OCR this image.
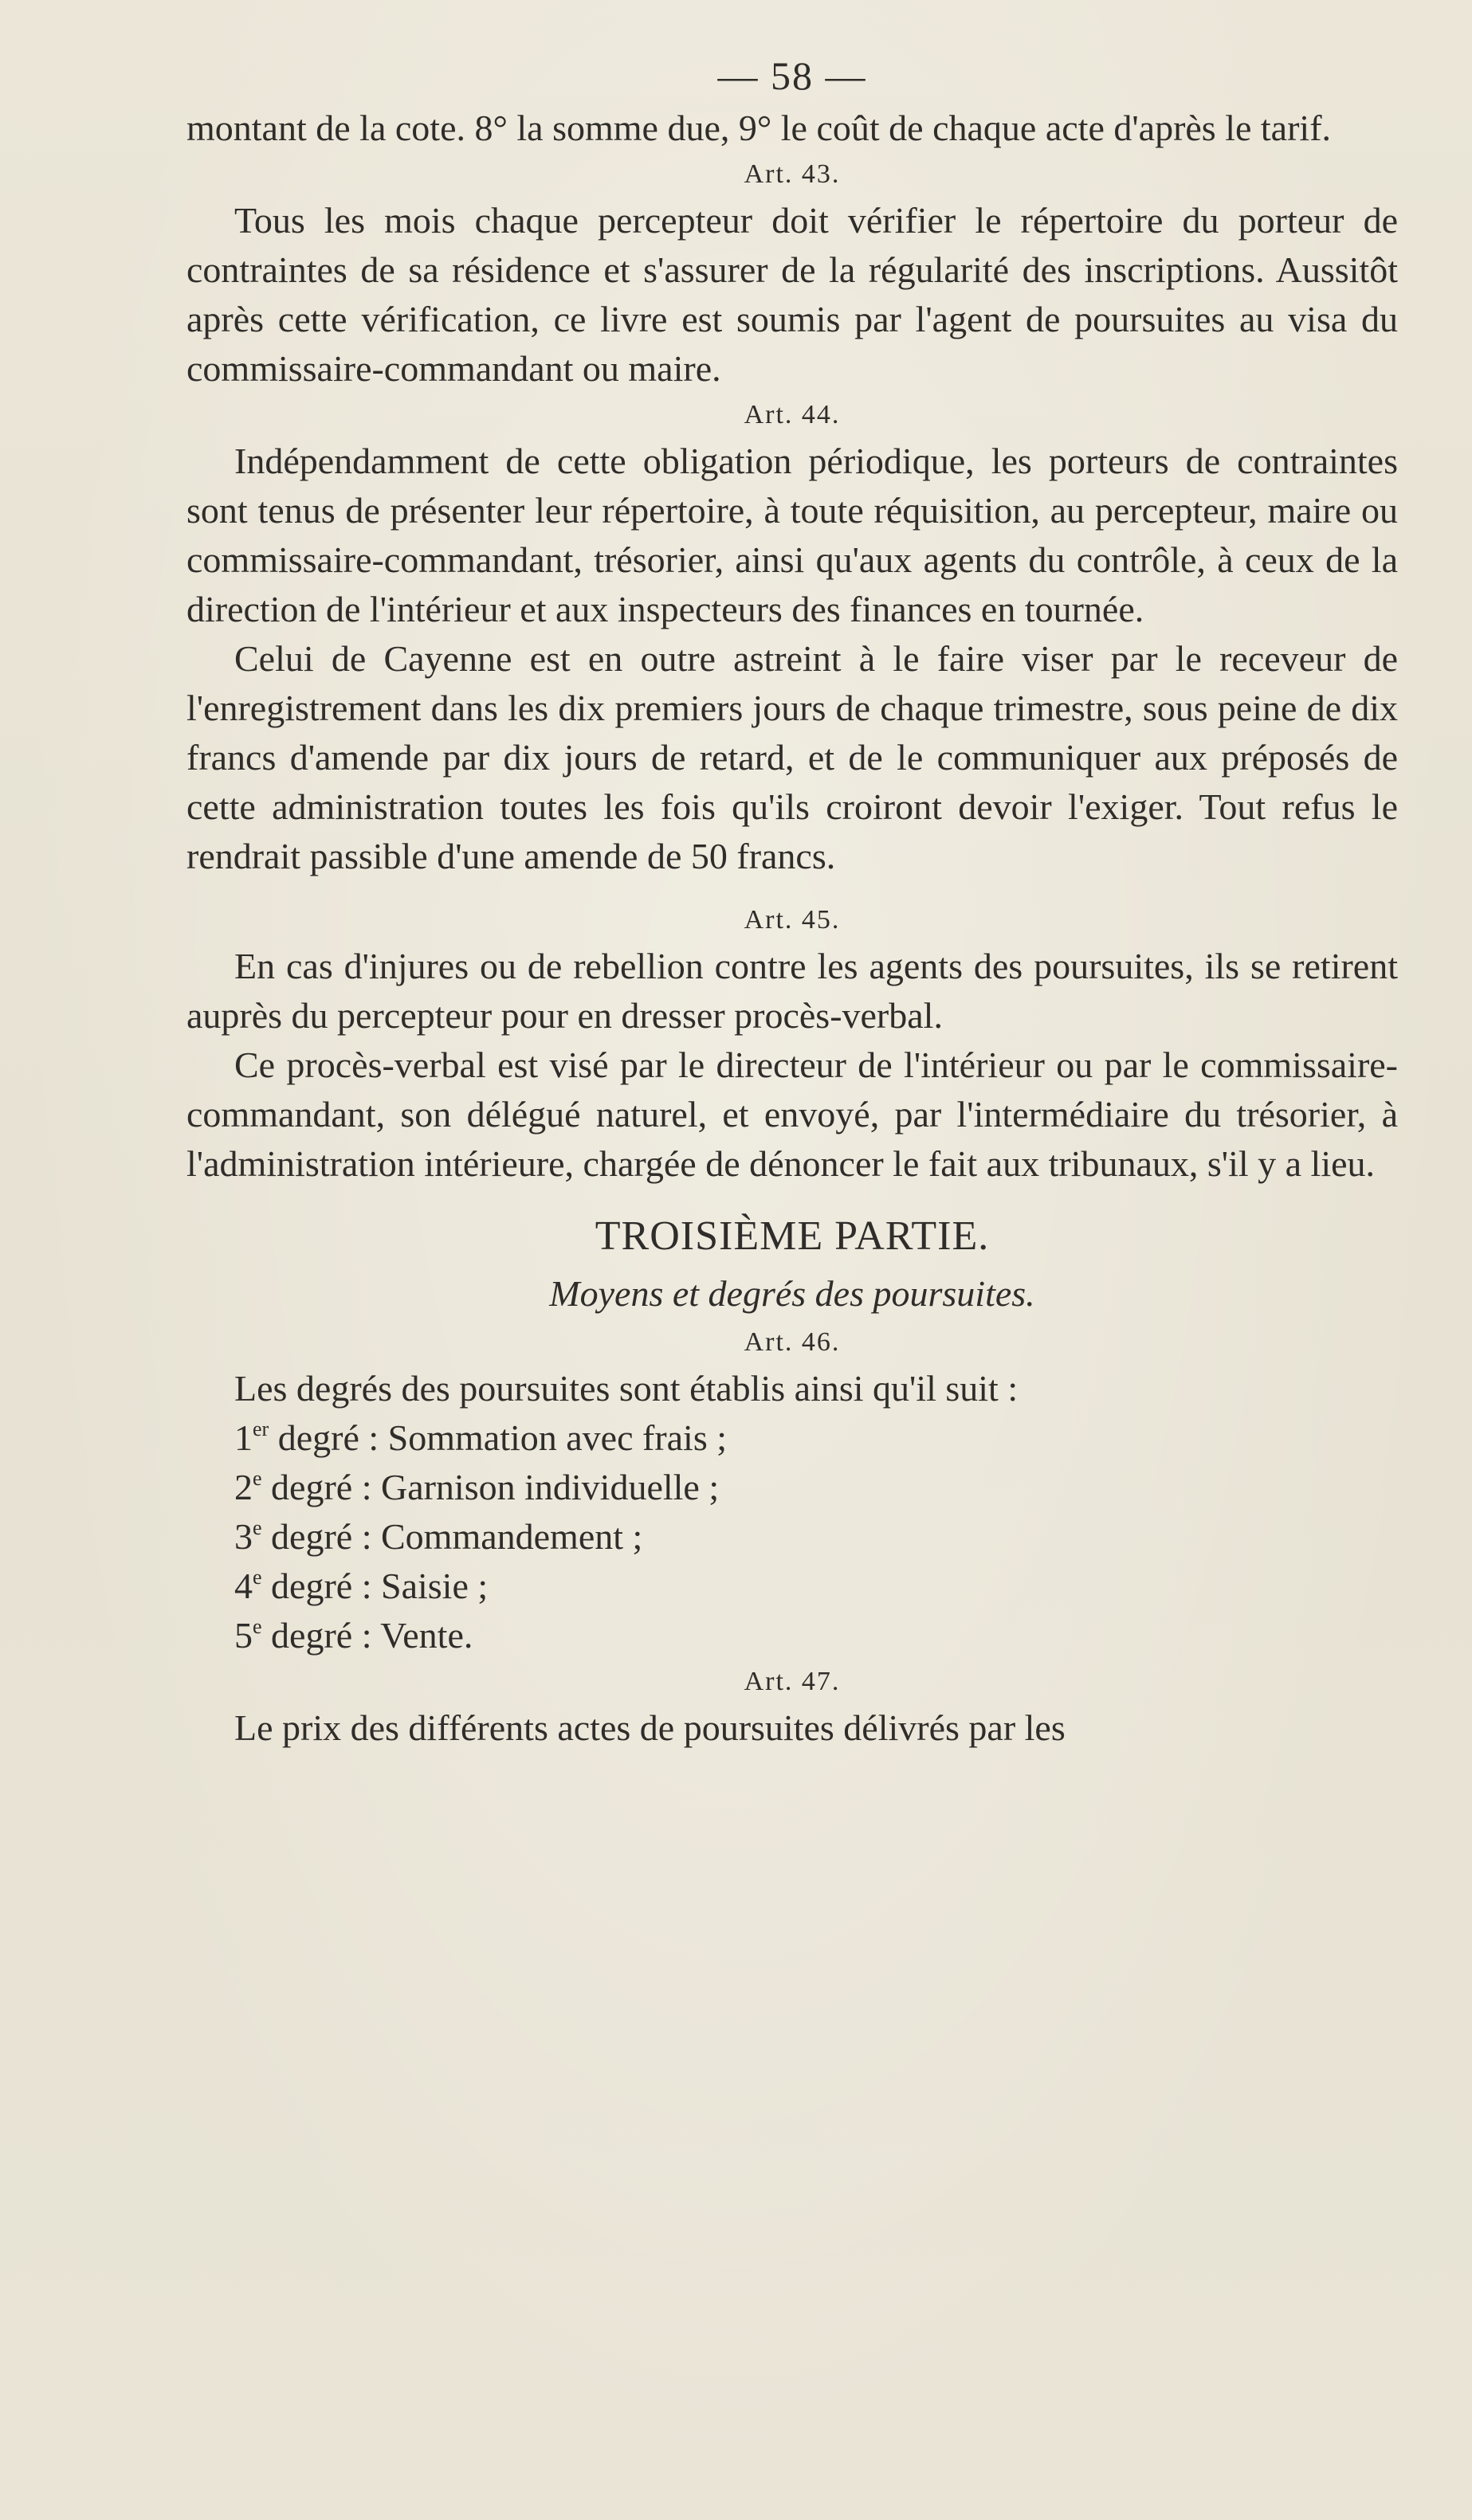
— 58 —

montant de la cote. 8° la somme due, 9° le coût de chaque acte d'après le tarif.

Art. 43.

Tous les mois chaque percepteur doit vérifier le répertoire du porteur de contraintes de sa résidence et s'assurer de la régularité des inscriptions. Aussitôt après cette vérification, ce livre est soumis par l'agent de poursuites au visa du commissaire-commandant ou maire.

Art. 44.

Indépendamment de cette obligation périodique, les porteurs de contraintes sont tenus de présenter leur répertoire, à toute réquisition, au percepteur, maire ou commissaire-commandant, trésorier, ainsi qu'aux agents du contrôle, à ceux de la direction de l'intérieur et aux inspecteurs des finances en tournée.

Celui de Cayenne est en outre astreint à le faire viser par le receveur de l'enregistrement dans les dix premiers jours de chaque trimestre, sous peine de dix francs d'amende par dix jours de retard, et de le communiquer aux préposés de cette administration toutes les fois qu'ils croiront devoir l'exiger. Tout refus le rendrait passible d'une amende de 50 francs.

Art. 45.

En cas d'injures ou de rebellion contre les agents des poursuites, ils se retirent auprès du percepteur pour en dresser procès-verbal.

Ce procès-verbal est visé par le directeur de l'intérieur ou par le commissaire-commandant, son délégué naturel, et envoyé, par l'intermédiaire du trésorier, à l'administration intérieure, chargée de dénoncer le fait aux tribunaux, s'il y a lieu.

TROISIÈME PARTIE.
Moyens et degrés des poursuites.
Art. 46.

Les degrés des poursuites sont établis ainsi qu'il suit :

1er degré : Sommation avec frais ;

2e degré : Garnison individuelle ;

3e degré : Commandement ;

4e degré : Saisie ;

5e degré : Vente.

Art. 47.

Le prix des différents actes de poursuites délivrés par les
